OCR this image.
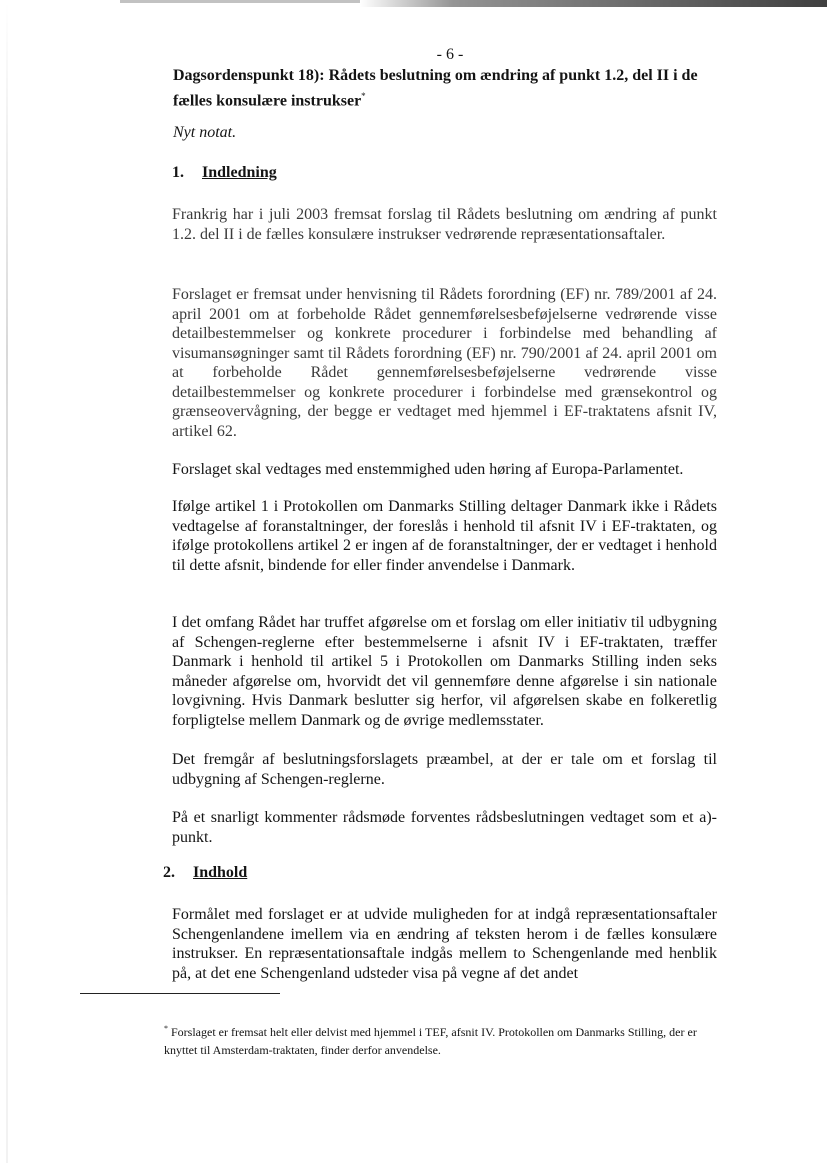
- 6 -

Dagsordenspunkt 18): Rådets beslutning om ændring af punkt 1.2, del II i de fælles konsulære instrukser*

Nyt notat.

1. Indledning

Frankrig har i juli 2003 fremsat forslag til Rådets beslutning om ændring af punkt 1.2. del II i de fælles konsulære instrukser vedrørende repræsentationsaftaler.

Forslaget er fremsat under henvisning til Rådets forordning (EF) nr. 789/2001 af 24. april 2001 om at forbeholde Rådet gennemførelsesbeføjelserne vedrørende visse detailbestemmelser og konkrete procedurer i forbindelse med behandling af visumansøgninger samt til Rådets forordning (EF) nr. 790/2001 af 24. april 2001 om at forbeholde Rådet gennemførelsesbeføjelserne vedrørende visse detailbestemmelser og konkrete procedurer i forbindelse med grænsekontrol og grænseovervågning, der begge er vedtaget med hjemmel i EF-traktatens afsnit IV, artikel 62.

Forslaget skal vedtages med enstemmighed uden høring af Europa-Parlamentet.

Ifølge artikel 1 i Protokollen om Danmarks Stilling deltager Danmark ikke i Rådets vedtagelse af foranstaltninger, der foreslås i henhold til afsnit IV i EF-traktaten, og ifølge protokollens artikel 2 er ingen af de foranstaltninger, der er vedtaget i henhold til dette afsnit, bindende for eller finder anvendelse i Danmark.

I det omfang Rådet har truffet afgørelse om et forslag om eller initiativ til udbygning af Schengen-reglerne efter bestemmelserne i afsnit IV i EF-traktaten, træffer Danmark i henhold til artikel 5 i Protokollen om Danmarks Stilling inden seks måneder afgørelse om, hvorvidt det vil gennemføre denne afgørelse i sin nationale lovgivning. Hvis Danmark beslutter sig herfor, vil afgørelsen skabe en folkeretlig forpligtelse mellem Danmark og de øvrige medlemsstater.

Det fremgår af beslutningsforslagets præambel, at der er tale om et forslag til udbygning af Schengen-reglerne.

På et snarligt kommenter rådsmøde forventes rådsbeslutningen vedtaget som et a)-punkt.

2. Indhold

Formålet med forslaget er at udvide muligheden for at indgå repræsentationsaftaler Schengenlandene imellem via en ændring af teksten herom i de fælles konsulære instrukser. En repræsentationsaftale indgås mellem to Schengenlande med henblik på, at det ene Schengenland udsteder visa på vegne af det andet

* Forslaget er fremsat helt eller delvist med hjemmel i TEF, afsnit IV. Protokollen om Danmarks Stilling, der er knyttet til Amsterdam-traktaten, finder derfor anvendelse.
